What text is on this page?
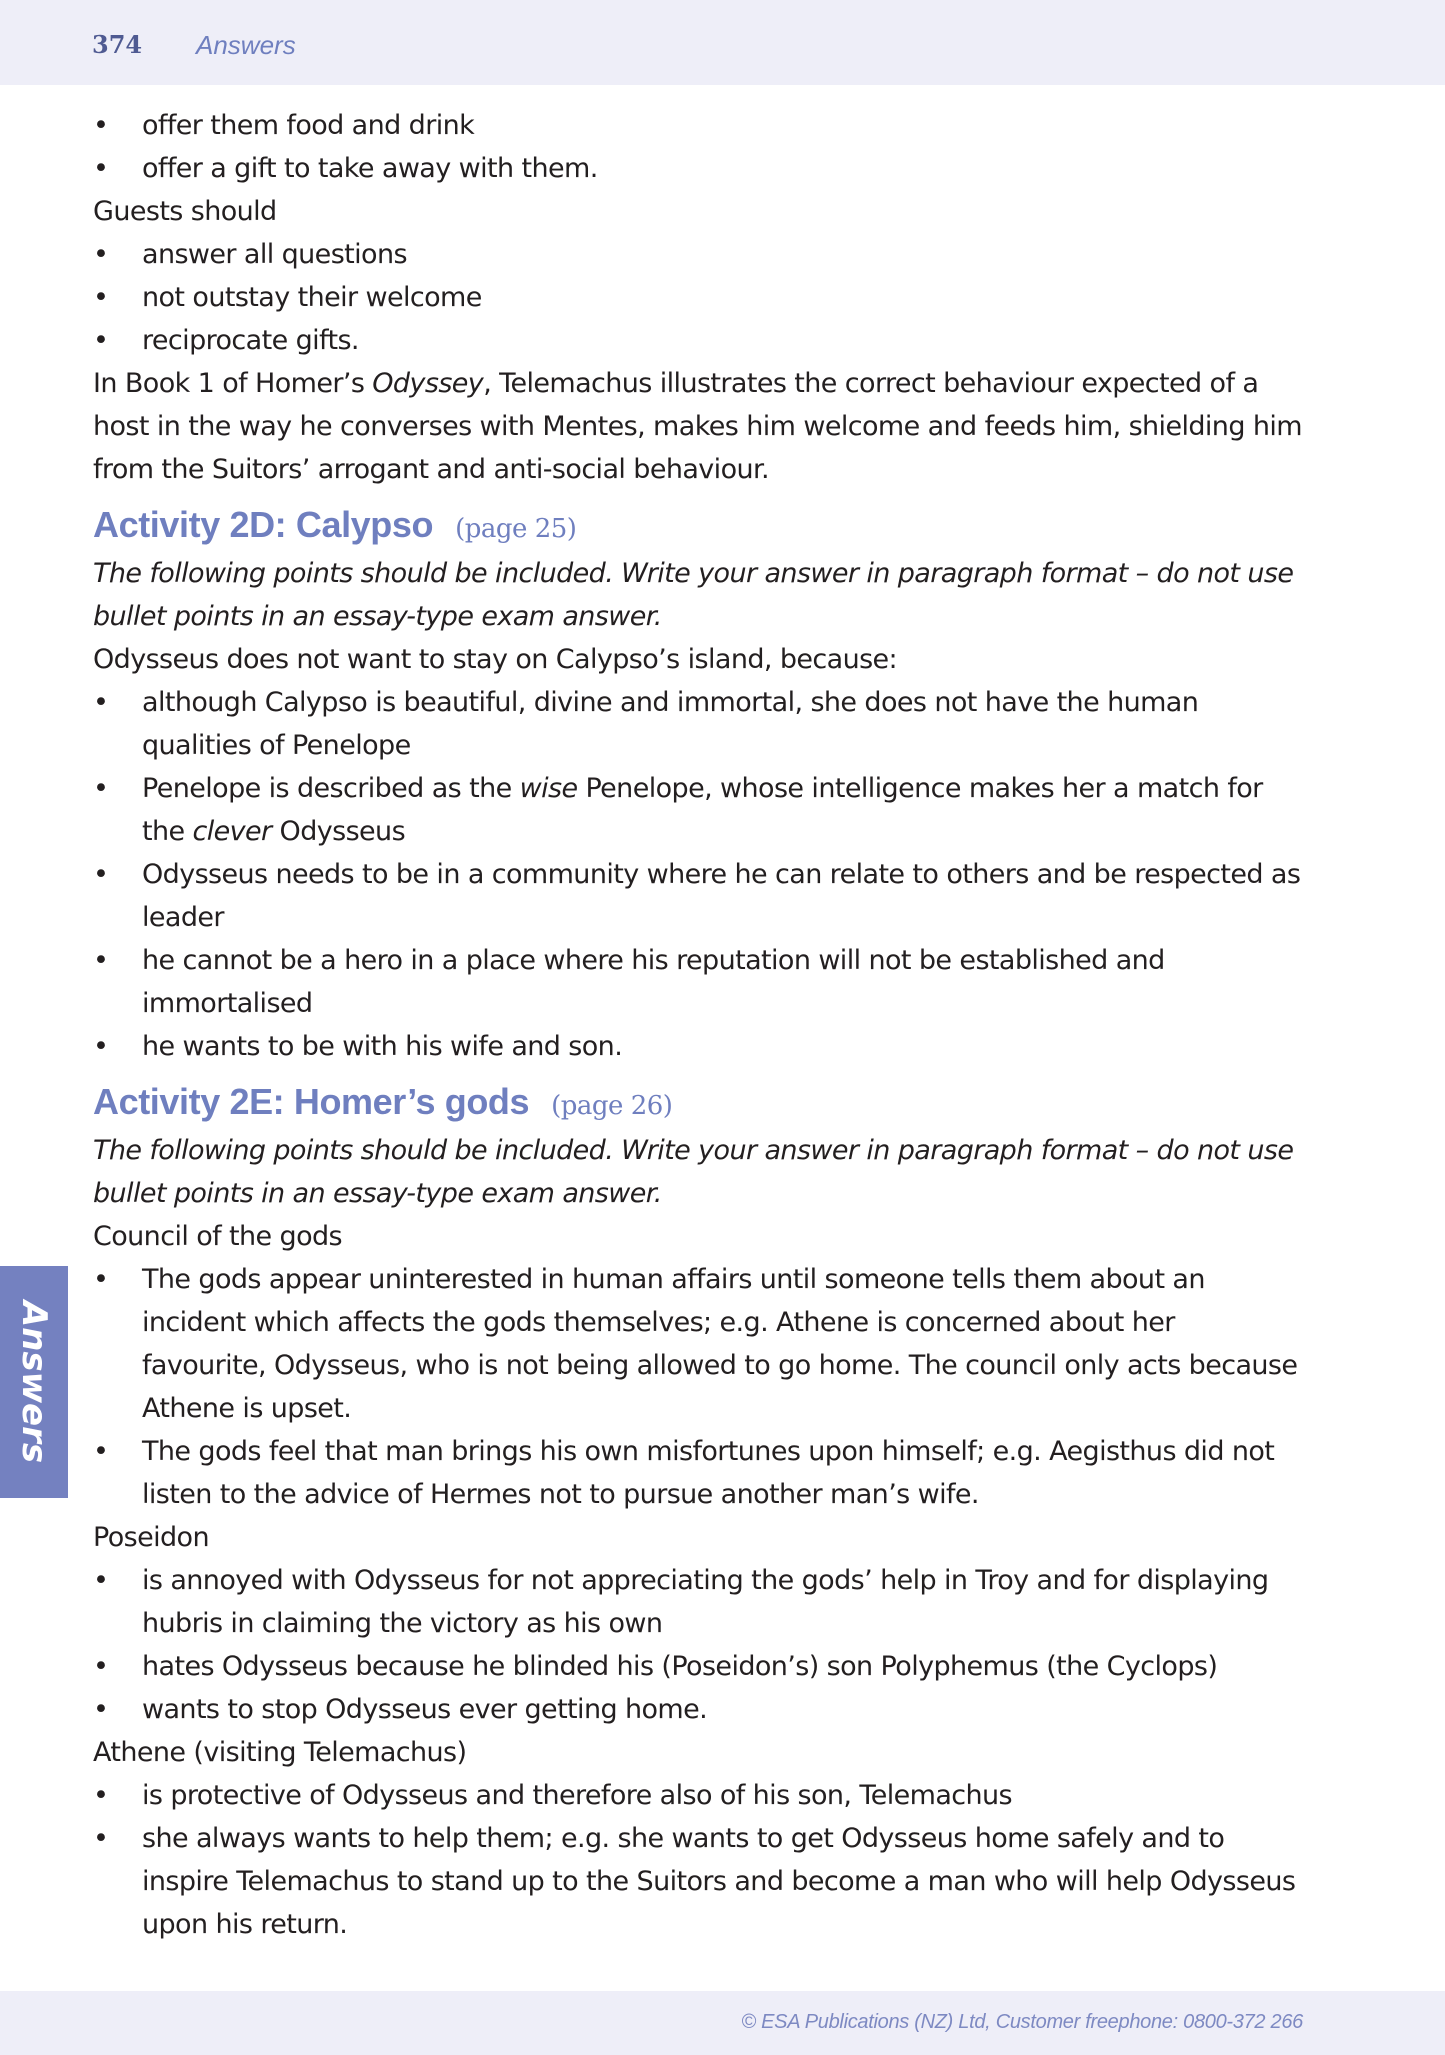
374 Answers
Answers
• offer them food and drink
• offer a gift to take away with them.

Guests should

• answer all questions
• not outstay their welcome
• reciprocate gifts.

In Book 1 of Homer’s Odyssey, Telemachus illustrates the correct behaviour expected of a host in the way he converses with Mentes, makes him welcome and feeds him, shielding him from the Suitors’ arrogant and anti-social behaviour.

Activity 2D: Calypso (page 25)

The following points should be included. Write your answer in paragraph format – do not use bullet points in an essay-type exam answer.

Odysseus does not want to stay on Calypso’s island, because:

• although Calypso is beautiful, divine and immortal, she does not have the human qualities of Penelope
• Penelope is described as the wise Penelope, whose intelligence makes her a match for the clever Odysseus
• Odysseus needs to be in a community where he can relate to others and be respected as leader
• he cannot be a hero in a place where his reputation will not be established and immortalised
• he wants to be with his wife and son.
Activity 2E: Homer’s gods (page 26)

The following points should be included. Write your answer in paragraph format – do not use bullet points in an essay-type exam answer.

Council of the gods

• The gods appear uninterested in human affairs until someone tells them about an incident which affects the gods themselves; e.g. Athene is concerned about her favourite, Odysseus, who is not being allowed to go home. The council only acts because Athene is upset.
• The gods feel that man brings his own misfortunes upon himself; e.g. Aegisthus did not listen to the advice of Hermes not to pursue another man’s wife.

Poseidon

• is annoyed with Odysseus for not appreciating the gods’ help in Troy and for displaying hubris in claiming the victory as his own
• hates Odysseus because he blinded his (Poseidon’s) son Polyphemus (the Cyclops)
• wants to stop Odysseus ever getting home.

Athene (visiting Telemachus)

• is protective of Odysseus and therefore also of his son, Telemachus
• she always wants to help them; e.g. she wants to get Odysseus home safely and to inspire Telemachus to stand up to the Suitors and become a man who will help Odysseus upon his return.
© ESA Publications (NZ) Ltd, Customer freephone: 0800-372 266
